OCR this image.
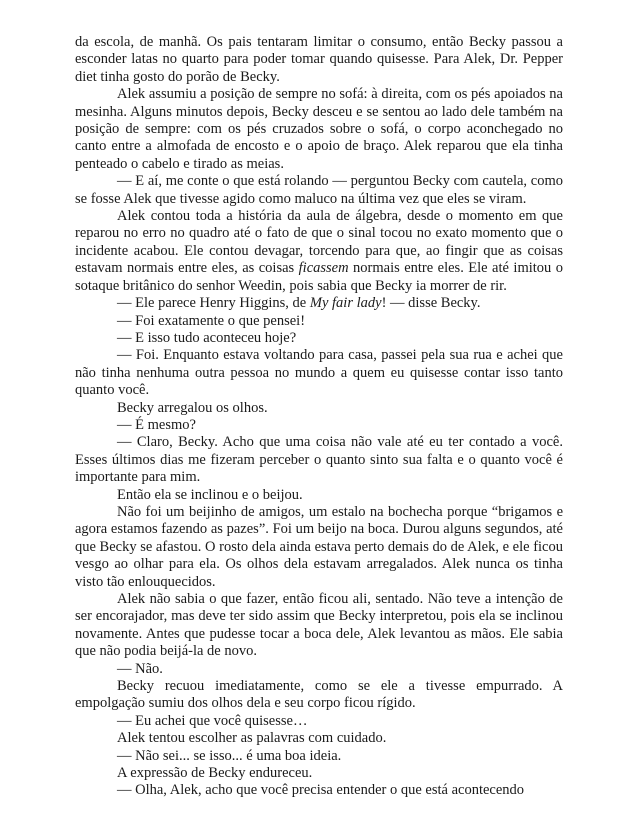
da escola, de manhã. Os pais tentaram limitar o consumo, então Becky passou a esconder latas no quarto para poder tomar quando quisesse. Para Alek, Dr. Pepper diet tinha gosto do porão de Becky.

Alek assumiu a posição de sempre no sofá: à direita, com os pés apoiados na mesinha. Alguns minutos depois, Becky desceu e se sentou ao lado dele também na posição de sempre: com os pés cruzados sobre o sofá, o corpo aconchegado no canto entre a almofada de encosto e o apoio de braço. Alek reparou que ela tinha penteado o cabelo e tirado as meias.

— E aí, me conte o que está rolando — perguntou Becky com cautela, como se fosse Alek que tivesse agido como maluco na última vez que eles se viram.

Alek contou toda a história da aula de álgebra, desde o momento em que reparou no erro no quadro até o fato de que o sinal tocou no exato momento que o incidente acabou. Ele contou devagar, torcendo para que, ao fingir que as coisas estavam normais entre eles, as coisas ficassem normais entre eles. Ele até imitou o sotaque britânico do senhor Weedin, pois sabia que Becky ia morrer de rir.

— Ele parece Henry Higgins, de My fair lady! — disse Becky.

— Foi exatamente o que pensei!

— E isso tudo aconteceu hoje?

— Foi. Enquanto estava voltando para casa, passei pela sua rua e achei que não tinha nenhuma outra pessoa no mundo a quem eu quisesse contar isso tanto quanto você.

Becky arregalou os olhos.

— É mesmo?

— Claro, Becky. Acho que uma coisa não vale até eu ter contado a você. Esses últimos dias me fizeram perceber o quanto sinto sua falta e o quanto você é importante para mim.

Então ela se inclinou e o beijou.

Não foi um beijinho de amigos, um estalo na bochecha porque “brigamos e agora estamos fazendo as pazes”. Foi um beijo na boca. Durou alguns segundos, até que Becky se afastou. O rosto dela ainda estava perto demais do de Alek, e ele ficou vesgo ao olhar para ela. Os olhos dela estavam arregalados. Alek nunca os tinha visto tão enlouquecidos.

Alek não sabia o que fazer, então ficou ali, sentado. Não teve a intenção de ser encorajador, mas deve ter sido assim que Becky interpretou, pois ela se inclinou novamente. Antes que pudesse tocar a boca dele, Alek levantou as mãos. Ele sabia que não podia beijá-la de novo.

— Não.

Becky recuou imediatamente, como se ele a tivesse empurrado. A empolgação sumiu dos olhos dela e seu corpo ficou rígido.

— Eu achei que você quisesse…

Alek tentou escolher as palavras com cuidado.

— Não sei... se isso... é uma boa ideia.

A expressão de Becky endureceu.

— Olha, Alek, acho que você precisa entender o que está acontecendo
